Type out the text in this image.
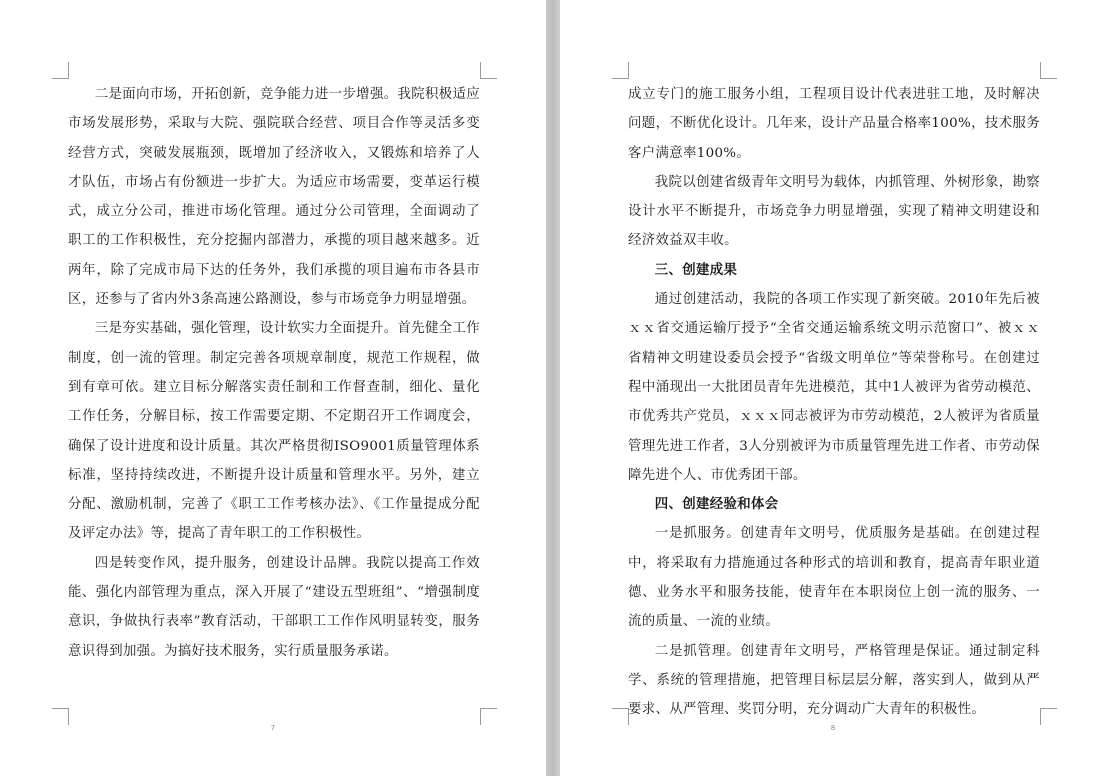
二是面向市场，开拓创新，竞争能力进一步增强。我院积极适应市场发展形势，采取与大院、强院联合经营、项目合作等灵活多变经营方式，突破发展瓶颈，既增加了经济收入，又锻炼和培养了人才队伍，市场占有份额进一步扩大。为适应市场需要，变革运行模式，成立分公司，推进市场化管理。通过分公司管理，全面调动了职工的工作积极性，充分挖掘内部潜力，承揽的项目越来越多。近两年，除了完成市局下达的任务外，我们承揽的项目遍布市各县市区，还参与了省内外3条高速公路测设，参与市场竞争力明显增强。

三是夯实基础，强化管理，设计软实力全面提升。首先健全工作制度，创一流的管理。制定完善各项规章制度，规范工作规程，做到有章可依。建立目标分解落实责任制和工作督查制，细化、量化工作任务，分解目标，按工作需要定期、不定期召开工作调度会，确保了设计进度和设计质量。其次严格贯彻ISO9001质量管理体系标准，坚持持续改进，不断提升设计质量和管理水平。另外，建立分配、激励机制，完善了《职工工作考核办法》、《工作量提成分配及评定办法》等，提高了青年职工的工作积极性。

四是转变作风，提升服务，创建设计品牌。我院以提高工作效能、强化内部管理为重点，深入开展了“建设五型班组”、“增强制度意识，争做执行表率”教育活动，干部职工工作作风明显转变，服务意识得到加强。为搞好技术服务，实行质量服务承诺。

7

成立专门的施工服务小组，工程项目设计代表进驻工地，及时解决问题，不断优化设计。几年来，设计产品量合格率100%，技术服务客户满意率100%。

我院以创建省级青年文明号为载体，内抓管理、外树形象，勘察设计水平不断提升，市场竞争力明显增强，实现了精神文明建设和经济效益双丰收。

三、创建成果

通过创建活动，我院的各项工作实现了新突破。2010年先后被ｘｘ省交通运输厅授予“全省交通运输系统文明示范窗口”、被ｘｘ省精神文明建设委员会授予“省级文明单位”等荣誉称号。在创建过程中涌现出一大批团员青年先进模范，其中1人被评为省劳动模范、市优秀共产党员，ｘｘｘ同志被评为市劳动模范，2人被评为省质量管理先进工作者，3人分别被评为市质量管理先进工作者、市劳动保障先进个人、市优秀团干部。

四、创建经验和体会

一是抓服务。创建青年文明号，优质服务是基础。在创建过程中，将采取有力措施通过各种形式的培训和教育，提高青年职业道德、业务水平和服务技能，使青年在本职岗位上创一流的服务、一流的质量、一流的业绩。

二是抓管理。创建青年文明号，严格管理是保证。通过制定科学、系统的管理措施，把管理目标层层分解，落实到人，做到从严要求、从严管理、奖罚分明，充分调动广大青年的积极性。

8
